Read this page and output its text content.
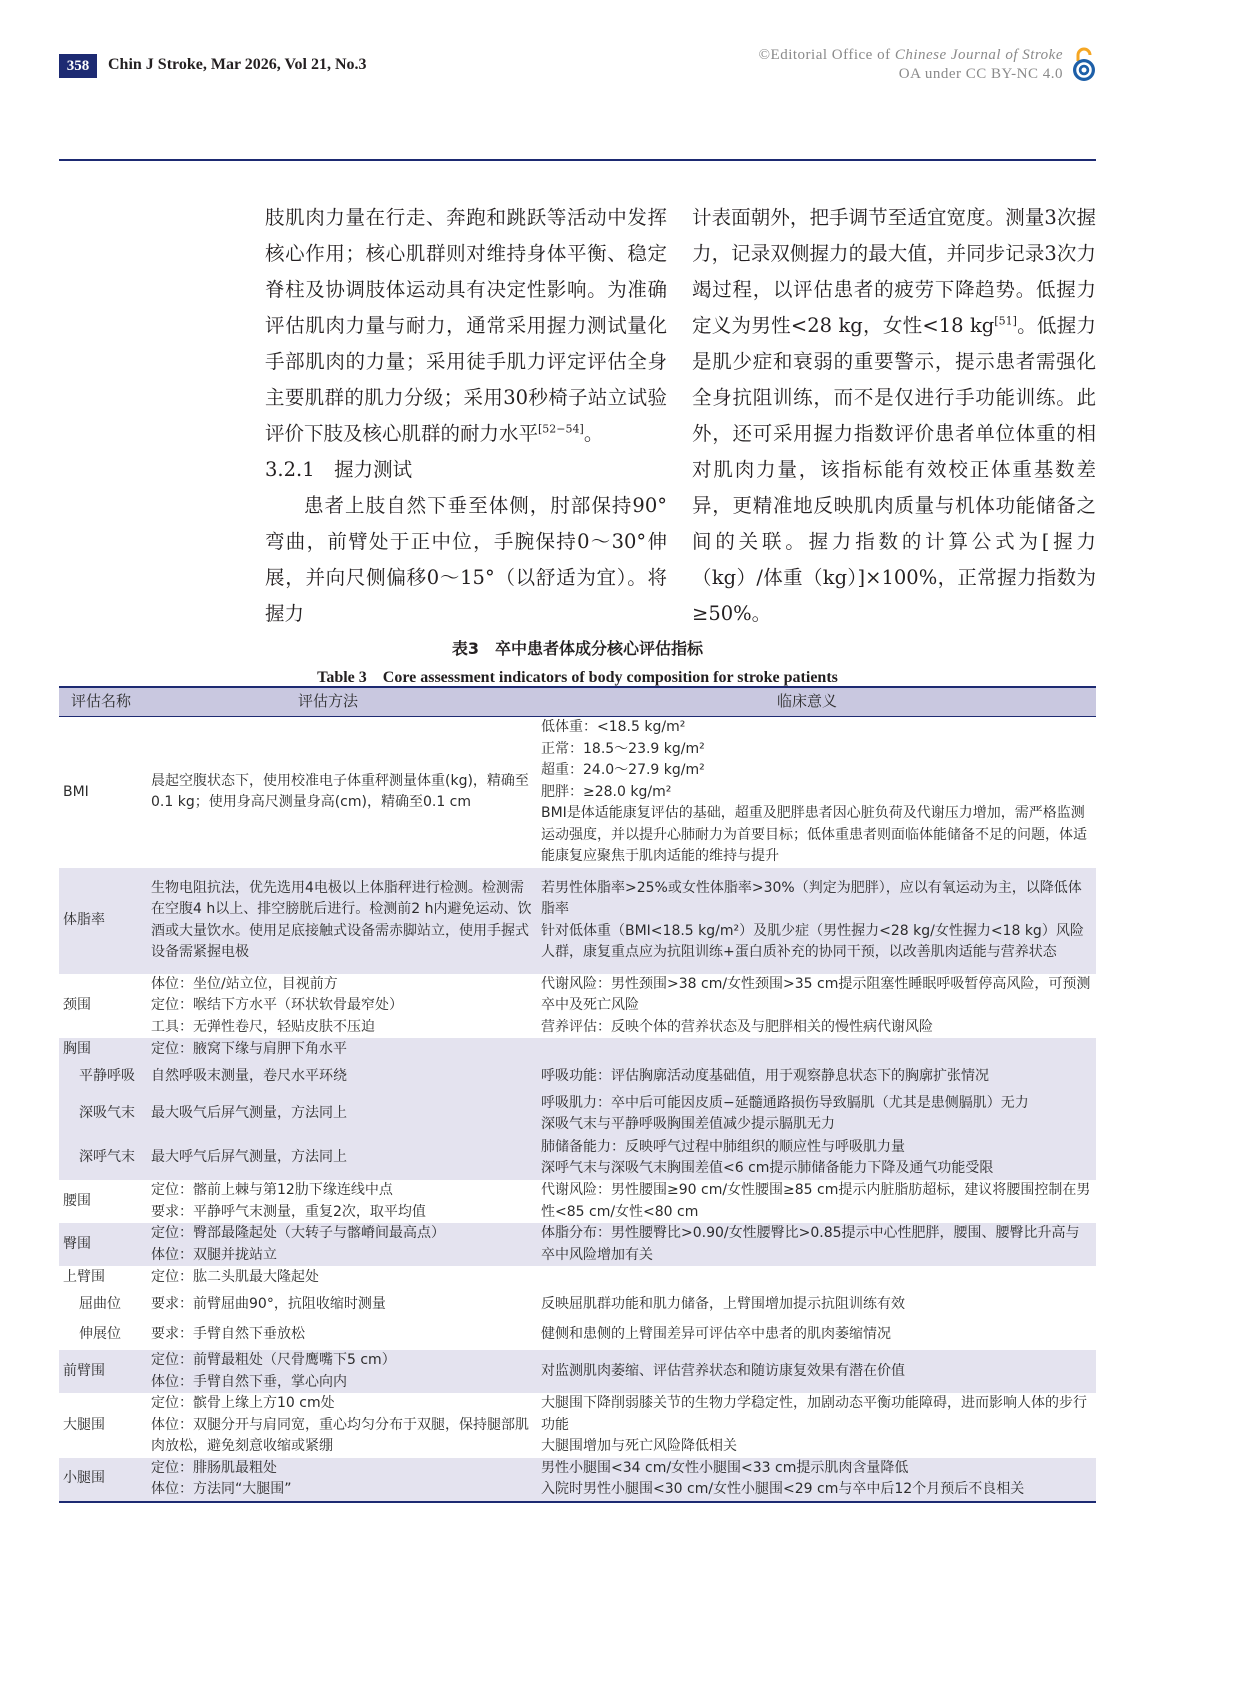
358	Chin J Stroke, Mar 2026, Vol 21, No.3
©Editorial Office of Chinese Journal of Stroke
OA under CC BY-NC 4.0

肢肌肉力量在行走、奔跑和跳跃等活动中发挥核心作用；核心肌群则对维持身体平衡、稳定脊柱及协调肢体运动具有决定性影响。为准确评估肌肉力量与耐力，通常采用握力测试量化手部肌肉的力量；采用徒手肌力评定评估全身主要肌群的肌力分级；采用30秒椅子站立试验评价下肢及核心肌群的耐力水平[52−54]。

3.2.1　握力测试

患者上肢自然下垂至体侧，肘部保持90°弯曲，前臂处于正中位，手腕保持0～30°伸展，并向尺侧偏移0～15°（以舒适为宜）。将握力

计表面朝外，把手调节至适宜宽度。测量3次握力，记录双侧握力的最大值，并同步记录3次力竭过程，以评估患者的疲劳下降趋势。低握力定义为男性<28 kg，女性<18 kg[51]。低握力是肌少症和衰弱的重要警示，提示患者需强化全身抗阻训练，而不是仅进行手功能训练。此外，还可采用握力指数评价患者单位体重的相对肌肉力量，该指标能有效校正体重基数差异，更精准地反映肌肉质量与机体功能储备之间的关联。握力指数的计算公式为[握力（kg）/体重（kg）]×100%，正常握力指数为≥50%。

表3　卒中患者体成分核心评估指标
Table 3　Core assessment indicators of body composition for stroke patients
评估名称	评估方法	临床意义
BMI	晨起空腹状态下，使用校准电子体重秤测量体重(kg)，精确至0.1 kg；使用身高尺测量身高(cm)，精确至0.1 cm	低体重：<18.5 kg/m²
正常：18.5～23.9 kg/m²
超重：24.0～27.9 kg/m²
肥胖：≥28.0 kg/m²
BMI是体适能康复评估的基础，超重及肥胖患者因心脏负荷及代谢压力增加，需严格监测运动强度，并以提升心肺耐力为首要目标；低体重患者则面临体能储备不足的问题，体适能康复应聚焦于肌肉适能的维持与提升

体脂率	生物电阻抗法，优先选用4电极以上体脂秤进行检测。检测需在空腹4 h以上、排空膀胱后进行。检测前2 h内避免运动、饮酒或大量饮水。使用足底接触式设备需赤脚站立，使用手握式设备需紧握电极	若男性体脂率>25%或女性体脂率>30%（判定为肥胖），应以有氧运动为主，以降低体脂率
针对低体重（BMI<18.5 kg/m²）及肌少症（男性握力<28 kg/女性握力<18 kg）风险人群，康复重点应为抗阻训练+蛋白质补充的协同干预，以改善肌肉适能与营养状态

颈围	体位：坐位/站立位，目视前方
定位：喉结下方水平（环状软骨最窄处）
工具：无弹性卷尺，轻贴皮肤不压迫	代谢风险：男性颈围>38 cm/女性颈围>35 cm提示阻塞性睡眠呼吸暂停高风险，可预测卒中及死亡风险
营养评估：反映个体的营养状态及与肥胖相关的慢性病代谢风险

胸围	定位：腋窝下缘与肩胛下角水平	

平静呼吸	自然呼吸末测量，卷尺水平环绕	呼吸功能：评估胸廓活动度基础值，用于观察静息状态下的胸廓扩张情况

深吸气末	最大吸气后屏气测量，方法同上	呼吸肌力：卒中后可能因皮质−延髓通路损伤导致膈肌（尤其是患侧膈肌）无力
深吸气末与平静呼吸胸围差值减少提示膈肌无力

深呼气末	最大呼气后屏气测量，方法同上	肺储备能力：反映呼气过程中肺组织的顺应性与呼吸肌力量
深呼气末与深吸气末胸围差值<6 cm提示肺储备能力下降及通气功能受限

腰围	定位：髂前上棘与第12肋下缘连线中点
要求：平静呼气末测量，重复2次，取平均值	代谢风险：男性腰围≥90 cm/女性腰围≥85 cm提示内脏脂肪超标，建议将腰围控制在男性<85 cm/女性<80 cm

臀围	定位：臀部最隆起处（大转子与髂嵴间最高点）
体位：双腿并拢站立	体脂分布：男性腰臀比>0.90/女性腰臀比>0.85提示中心性肥胖，腰围、腰臀比升高与卒中风险增加有关

上臂围	定位：肱二头肌最大隆起处	

屈曲位	要求：前臂屈曲90°，抗阻收缩时测量	反映屈肌群功能和肌力储备，上臂围增加提示抗阻训练有效

伸展位	要求：手臂自然下垂放松	健侧和患侧的上臂围差异可评估卒中患者的肌肉萎缩情况

前臂围	定位：前臂最粗处（尺骨鹰嘴下5 cm）
体位：手臂自然下垂，掌心向内	对监测肌肉萎缩、评估营养状态和随访康复效果有潜在价值

大腿围	定位：髌骨上缘上方10 cm处
体位：双腿分开与肩同宽，重心均匀分布于双腿，保持腿部肌肉放松，避免刻意收缩或紧绷	大腿围下降削弱膝关节的生物力学稳定性，加剧动态平衡功能障碍，进而影响人体的步行功能
大腿围增加与死亡风险降低相关

小腿围	定位：腓肠肌最粗处
体位：方法同“大腿围”	男性小腿围<34 cm/女性小腿围<33 cm提示肌肉含量降低
入院时男性小腿围<30 cm/女性小腿围<29 cm与卒中后12个月预后不良相关
